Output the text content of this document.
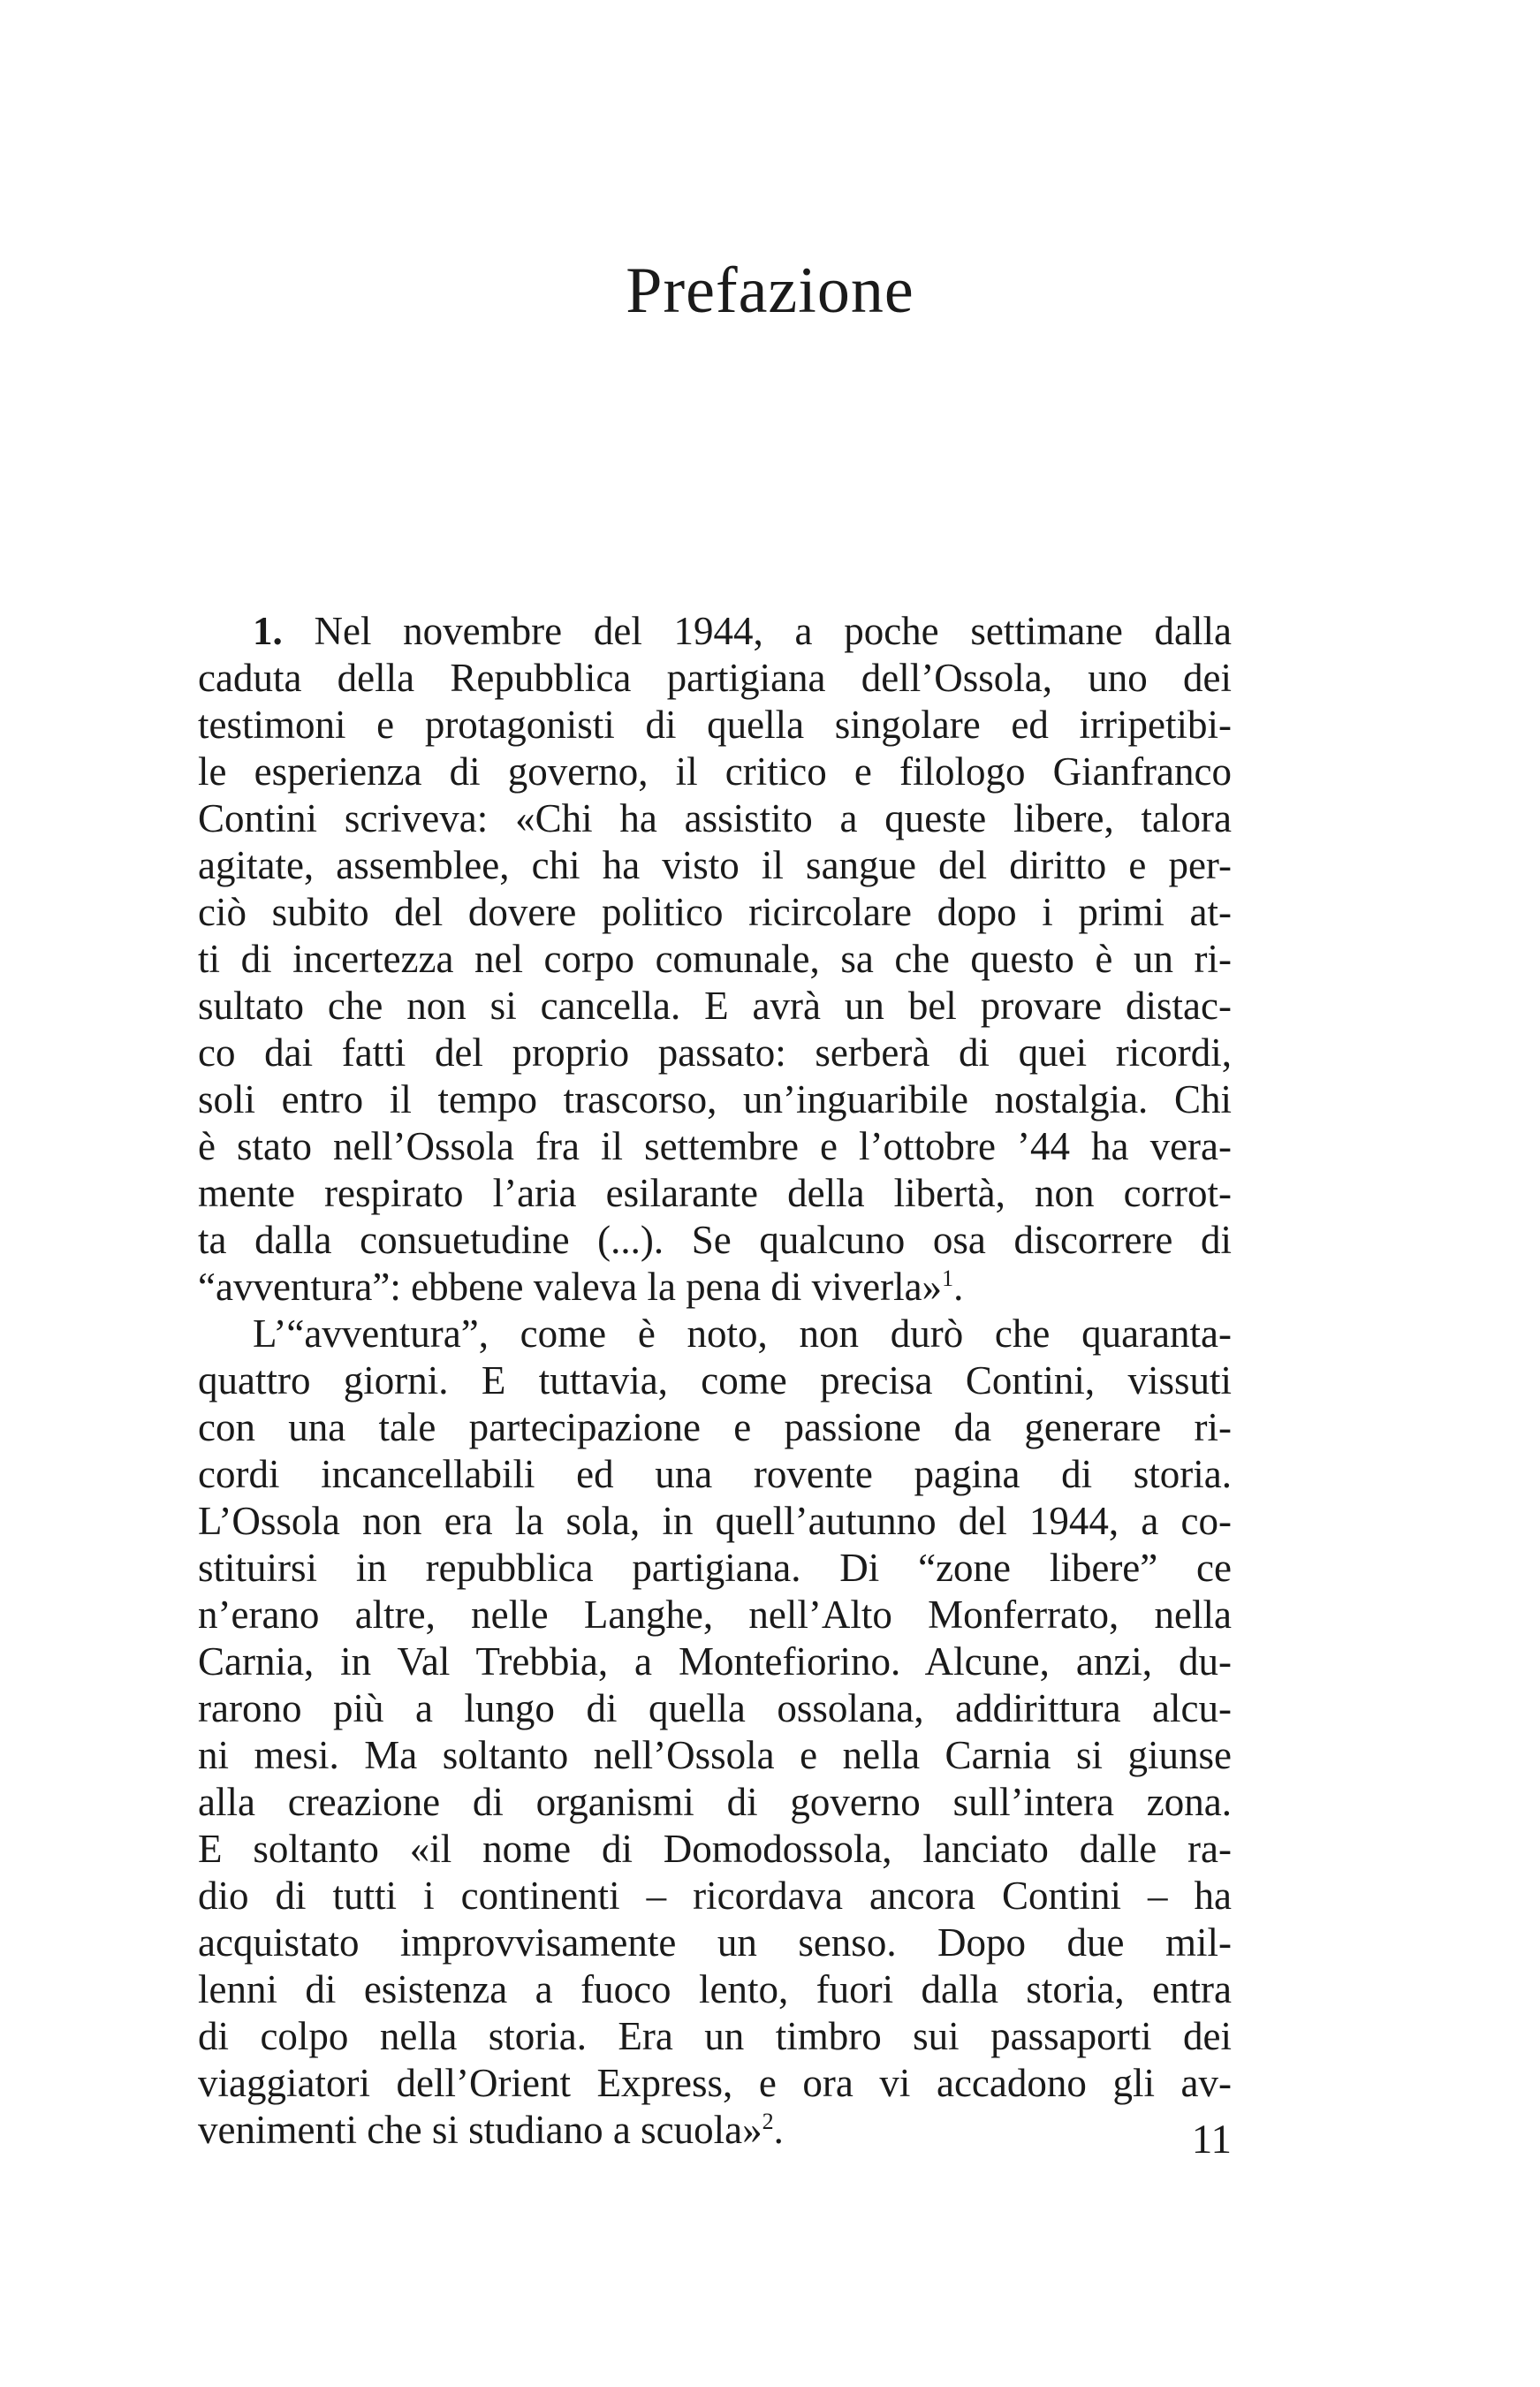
Prefazione
1. Nel novembre del 1944, a poche settimane dalla
caduta della Repubblica partigiana dell’Ossola, uno dei
testimoni e protagonisti di quella singolare ed irripetibi-
le esperienza di governo, il critico e filologo Gianfranco
Contini scriveva: «Chi ha assistito a queste libere, talora
agitate, assemblee, chi ha visto il sangue del diritto e per-
ciò subito del dovere politico ricircolare dopo i primi at-
ti di incertezza nel corpo comunale, sa che questo è un ri-
sultato che non si cancella. E avrà un bel provare distac-
co dai fatti del proprio passato: serberà di quei ricordi,
soli entro il tempo trascorso, un’inguaribile nostalgia. Chi
è stato nell’Ossola fra il settembre e l’ottobre ’44 ha vera-
mente respirato l’aria esilarante della libertà, non corrot-
ta dalla consuetudine (...). Se qualcuno osa discorrere di
“avventura”: ebbene valeva la pena di viverla»$^1$.
L’“avventura”, come è noto, non durò che quaranta-
quattro giorni. E tuttavia, come precisa Contini, vissuti
con una tale partecipazione e passione da generare ri-
cordi incancellabili ed una rovente pagina di storia.
L’Ossola non era la sola, in quell’autunno del 1944, a co-
stituirsi in repubblica partigiana. Di “zone libere” ce
n’erano altre, nelle Langhe, nell’Alto Monferrato, nella
Carnia, in Val Trebbia, a Montefiorino. Alcune, anzi, du-
rarono più a lungo di quella ossolana, addirittura alcu-
ni mesi. Ma soltanto nell’Ossola e nella Carnia si giunse
alla creazione di organismi di governo sull’intera zona.
E soltanto «il nome di Domodossola, lanciato dalle ra-
dio di tutti i continenti – ricordava ancora Contini – ha
acquistato improvvisamente un senso. Dopo due mil-
lenni di esistenza a fuoco lento, fuori dalla storia, entra
di colpo nella storia. Era un timbro sui passaporti dei
viaggiatori dell’Orient Express, e ora vi accadono gli av-
venimenti che si studiano a scuola»$^2$.	11
